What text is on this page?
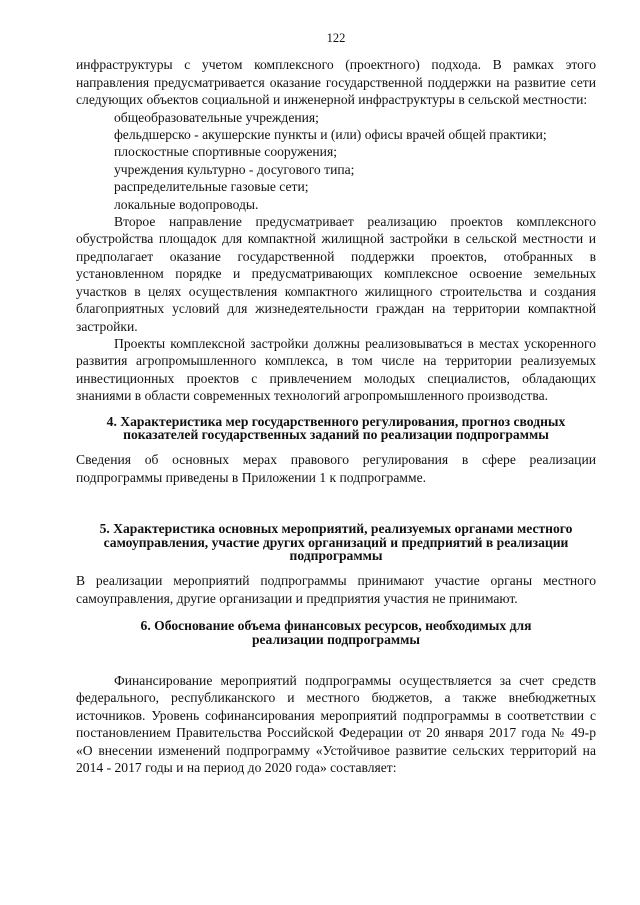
122

инфраструктуры с учетом комплексного (проектного) подхода. В рамках этого направления предусматривается оказание государственной поддержки на развитие сети следующих объектов социальной и инженерной инфраструктуры в сельской местности:

общеобразовательные учреждения;

фельдшерско - акушерские пункты и (или) офисы врачей общей практики;

плоскостные спортивные сооружения;

учреждения культурно - досугового типа;

распределительные газовые сети;

локальные водопроводы.

Второе направление предусматривает реализацию проектов комплексного обустройства площадок для компактной жилищной застройки в сельской местности и предполагает оказание государственной поддержки проектов, отобранных в установленном порядке и предусматривающих комплексное освоение земельных участков в целях осуществления компактного жилищного строительства и создания благоприятных условий для жизнедеятельности граждан на территории компактной застройки.

Проекты комплексной застройки должны реализовываться в местах ускоренного развития агропромышленного комплекса, в том числе на территории реализуемых инвестиционных проектов с привлечением молодых специалистов, обладающих знаниями в области современных технологий агропромышленного производства.

4. Характеристика мер государственного регулирования, прогноз сводных показателей государственных заданий по реализации подпрограммы

Сведения об основных мерах правового регулирования в сфере реализации подпрограммы приведены в Приложении 1 к подпрограмме.

5. Характеристика основных мероприятий, реализуемых органами местного самоуправления, участие других организаций и предприятий в реализации подпрограммы

В реализации мероприятий подпрограммы принимают участие органы местного самоуправления, другие организации и предприятия участия не принимают.

6. Обоснование объема финансовых ресурсов, необходимых для реализации подпрограммы

Финансирование мероприятий подпрограммы осуществляется за счет средств федерального, республиканского и местного бюджетов, а также внебюджетных источников. Уровень софинансирования мероприятий подпрограммы в соответствии с постановлением Правительства Российской Федерации от 20 января 2017 года № 49-р «О внесении изменений подпрограмму «Устойчивое развитие сельских территорий на 2014 - 2017 годы и на период до 2020 года» составляет:
